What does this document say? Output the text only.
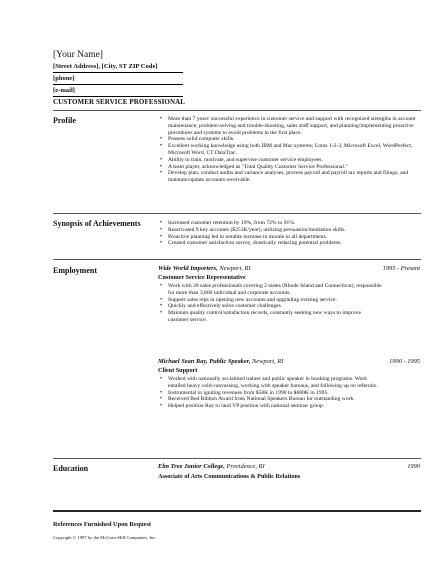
[Your Name]
[Street Address], [City, ST ZIP Code]
[phone]
[e-mail]
CUSTOMER SERVICE PROFESSIONAL
Profile	• More than 7 years' successful experience in customer service and support with recognized strengths in account maintenance, problem-solving and trouble-shooting, sales staff support, and planning/implementing proactive procedures and systems to avoid problems in the first place.
• Possess solid computer skills.
• Excellent working knowledge using both IBM and Mac systems; Lotus 1-2-3, Microsoft Excel, WordPerfect, Microsoft Word, CT DataTrac.
• Ability to train, motivate, and supervise customer service employees.
• A team player, acknowledged as "Total Quality Customer Service Professional."
• Develop plan, conduct audits and variance analyses, process payroll and payroll tax reports and filings, and maintain/update accounts receivable.
Synopsis of Achievements	• Increased customer retention by 19%, from 72% to 91%.
• Reactivated 9 key accounts ($253K/year), utilizing persuasion/mediation skills.
• Proactive planning led to notable increase in morale in all departments.
• Created customer satisfaction survey, drastically reducing potential problems.
Employment	Wide World Importers, Newport, RI	1995 - Present
Customer Service Representative
• Work with 28 sales professionals covering 2 states (Rhode Island and Connecticut), responsible for more than 3,800 individual and corporate accounts.
• Support sales reps in opening new accounts and upgrading existing service.
• Quickly and effectively solve customer challenges.
• Maintain quality control/satisfaction records, constantly seeking new ways to improve customer service.
Michael Sean Ray, Public Speaker, Newport, RI	1990 - 1995
Client Support
• Worked with nationally acclaimed trainer and public speaker in booking programs. Work entailed heavy cold-canvassing, working with speaker bureaus, and following up on referrals.
• Instrumental in igniting revenues from $58K in 1990 to $680K in 1995.
• Received Red Ribbon Award from National Speakers Bureau for outstanding work.
• Helped position Ray to land VP position with national seminar group.
Education	Elm Tree Junior College, Providence, RI	1990
Associate of Arts Communications & Public Relations
References Furnished Upon Request
Copyright © 1997 by the McGraw-Hill Companies, Inc.
